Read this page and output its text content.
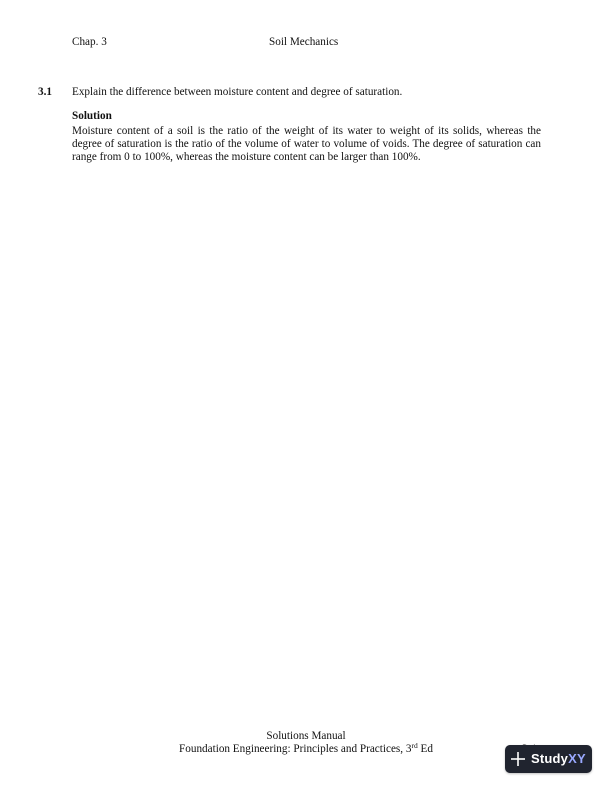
Chap. 3	Soil Mechanics
3.1 Explain the difference between moisture content and degree of saturation.
Solution
Moisture content of a soil is the ratio of the weight of its water to weight of its solids, whereas the degree of saturation is the ratio of the volume of water to volume of voids. The degree of saturation can range from 0 to 100%, whereas the moisture content can be larger than 100%.
Solutions Manual
Foundation Engineering: Principles and Practices, 3rd Ed
StudyXY
